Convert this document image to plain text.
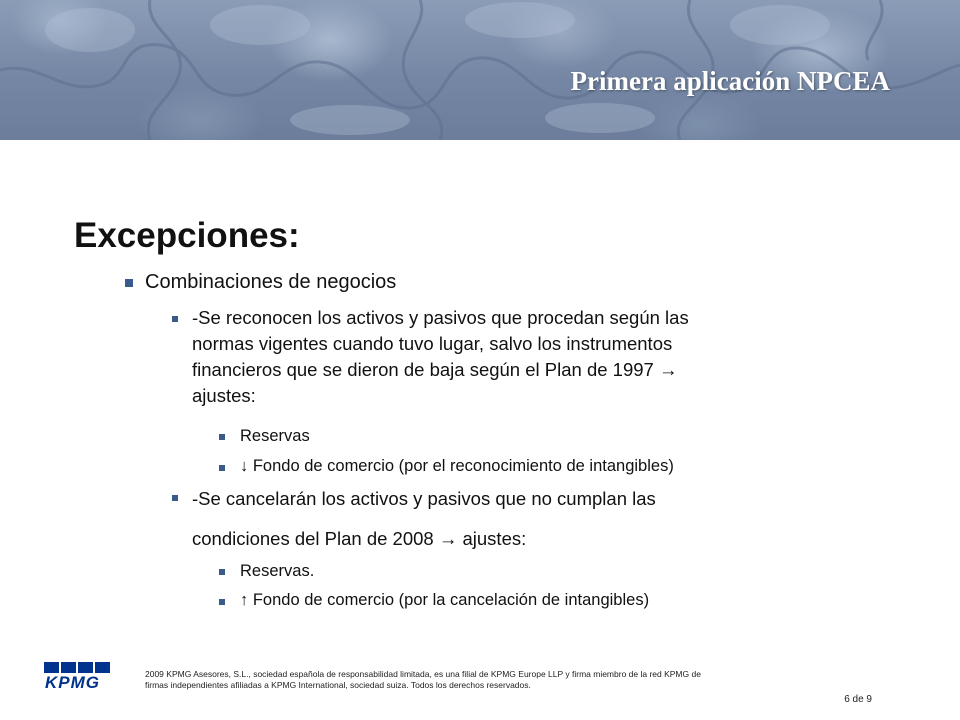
Primera aplicación NPCEA
Excepciones:
Combinaciones de negocios
-Se reconocen los activos y pasivos que procedan según las
normas vigentes cuando tuvo lugar, salvo los instrumentos
financieros que se dieron de baja según el Plan de 1997 →
ajustes:
Reservas
↓ Fondo de comercio (por el reconocimiento de intangibles)
-Se cancelarán los activos y pasivos que no cumplan las
condiciones del Plan de 2008 → ajustes:
Reservas.
↑ Fondo de comercio (por la cancelación de intangibles)
KPMG	2009 KPMG Asesores, S.L., sociedad española de responsabilidad limitada, es una filial de KPMG Europe LLP y firma miembro de la red KPMG de
firmas independientes afiliadas a KPMG International, sociedad suiza. Todos los derechos reservados.
6 de 9
